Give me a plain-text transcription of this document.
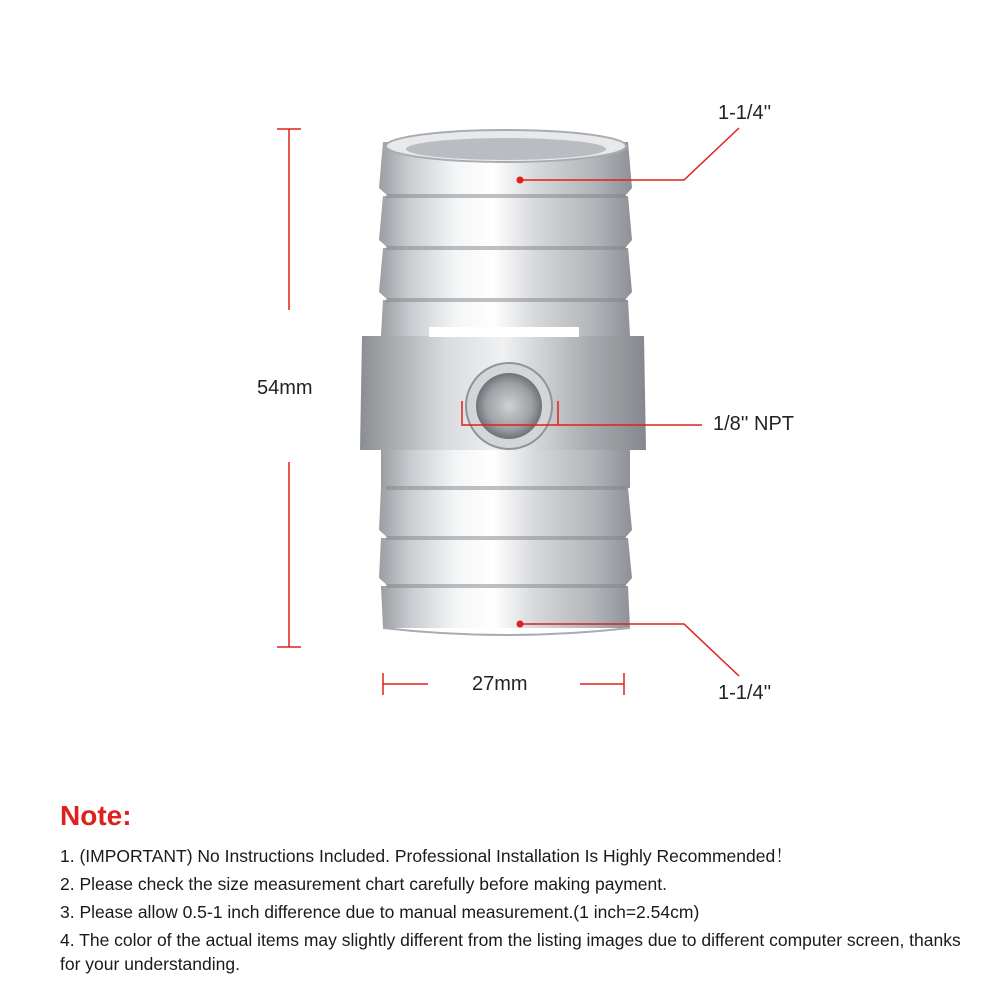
1-1/4''
54mm
1/8'' NPT
27mm	1-1/4''
Note:
1. (IMPORTANT) No Instructions Included. Professional Installation Is Highly Recommended！
2. Please check the size measurement chart carefully before making payment.
3. Please allow 0.5-1 inch difference due to manual measurement.(1 inch=2.54cm)
4. The color of the actual items may slightly different from the listing images due to different computer screen, thanks for your understanding.
